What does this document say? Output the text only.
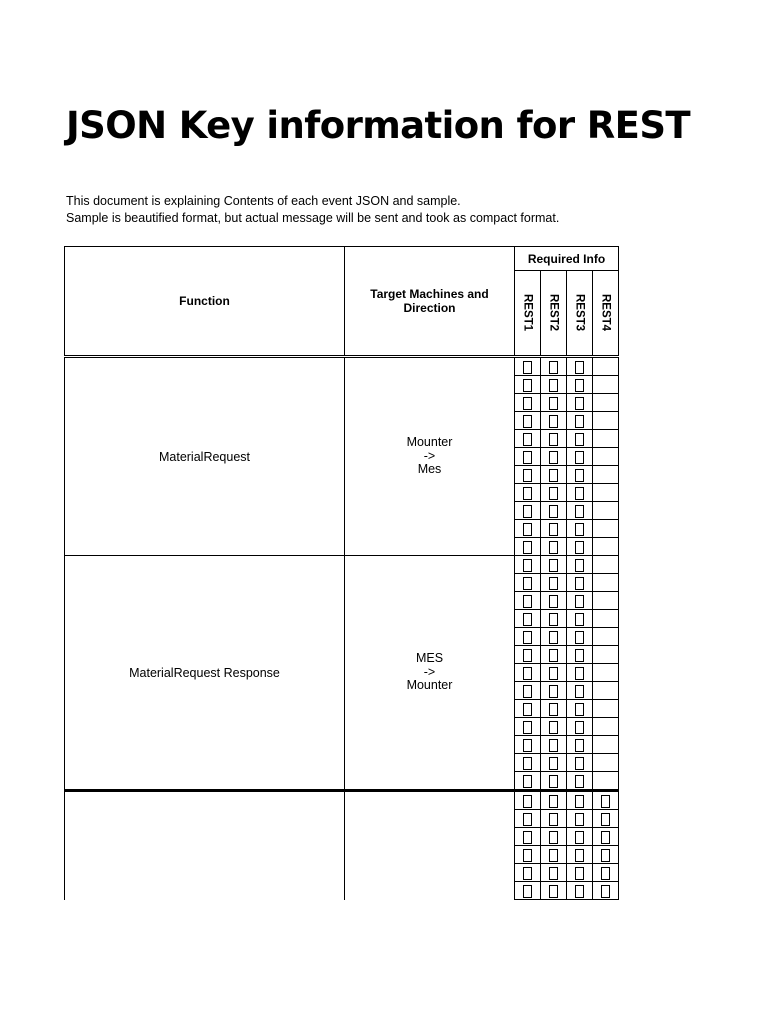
JSON Key information for REST
This document is explaining Contents of each event JSON and sample.
Sample is beautified format, but actual message will be sent and took as compact format.
Function	Target Machines and Direction	Required Info			

		REST1	REST2	REST3	REST4

MaterialRequest	Mounter
->
Mes				

MaterialRequest Response	MES
->
Mounter				
